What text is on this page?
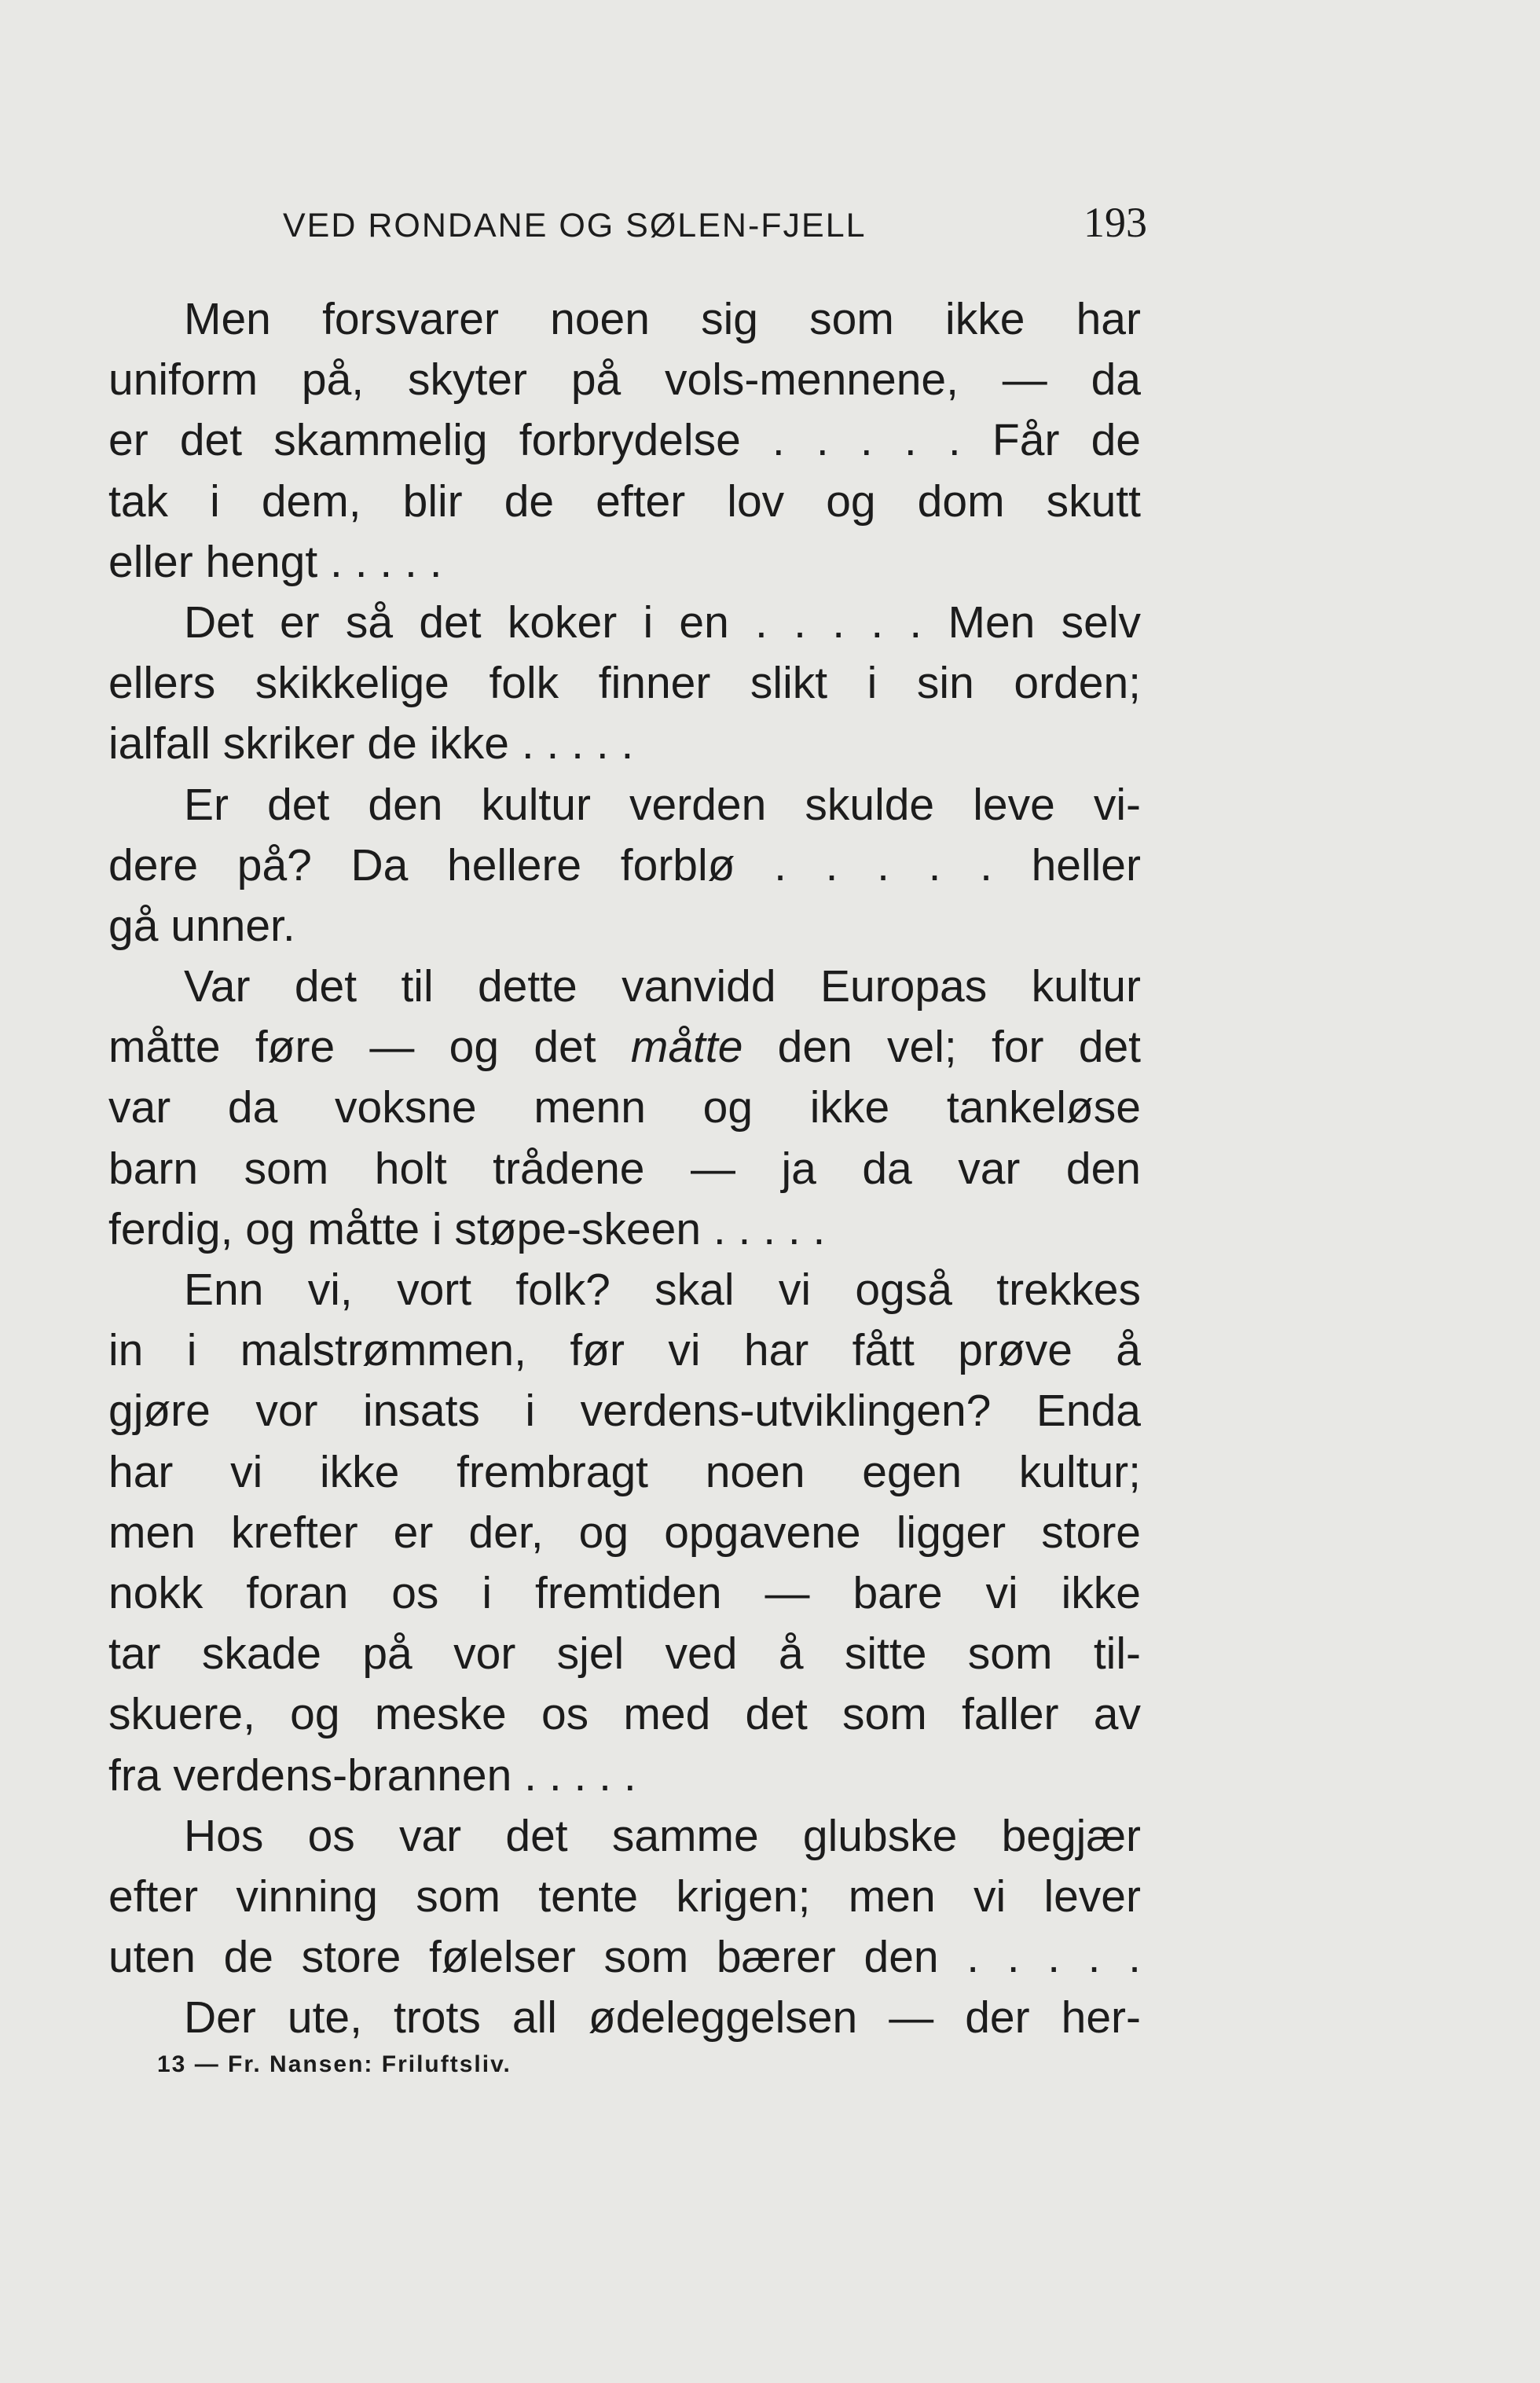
VED RONDANE OG SØLEN-FJELL	193
Men forsvarer noen sig som ikke har
uniform på, skyter på vols-mennene, — da
er det skammelig forbrydelse . . . . . Får de
tak i dem, blir de efter lov og dom skutt
eller hengt . . . . .
Det er så det koker i en . . . . . Men selv
ellers skikkelige folk finner slikt i sin orden;
ialfall skriker de ikke . . . . .
Er det den kultur verden skulde leve vi-
dere på? Da hellere forblø . . . . . heller
gå unner.
Var det til dette vanvidd Europas kultur
måtte føre — og det måtte den vel; for det
var da voksne menn og ikke tankeløse
barn som holt trådene — ja da var den
ferdig, og måtte i støpe-skeen . . . . .
Enn vi, vort folk? skal vi også trekkes
in i malstrømmen, før vi har fått prøve å
gjøre vor insats i verdens-utviklingen? Enda
har vi ikke frembragt noen egen kultur;
men krefter er der, og opgavene ligger store
nokk foran os i fremtiden — bare vi ikke
tar skade på vor sjel ved å sitte som til-
skuere, og meske os med det som faller av
fra verdens-brannen . . . . .
Hos os var det samme glubske begjær
efter vinning som tente krigen; men vi lever
uten de store følelser som bærer den . . . . .
Der ute, trots all ødeleggelsen — der her-
13 — Fr. Nansen: Friluftsliv.
